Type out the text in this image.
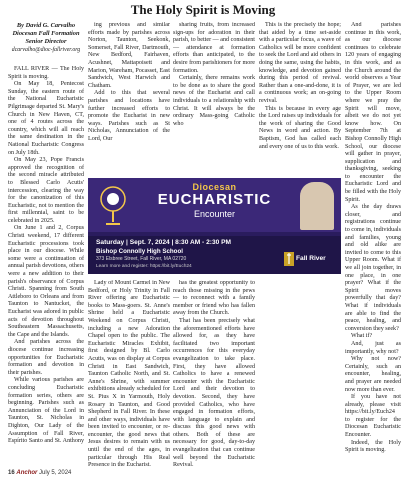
The Holy Spirit is Moving
By David G. Carvalho
Diocesan Fall Formation
Senior Director
dcarvalho@dioc-fallriver.org

FALL RIVER — The Holy Spirit is moving.

On May 18, Pentecost Sunday, the eastern route of the National Eucharistic Pilgrimage departed St. Mary's Church in New Haven, CT, one of 4 routes across the country, which will all reach the same destination in the National Eucharistic Congress on July 18th.

On May 23, Pope Francis approved the recognition of the second miracle attributed to Blessed Carlo Acutis' intercession, clearing the way for the canonization of this Eucharistic, not to mention the first millennial, saint to be celebrated in 2025.

On June 1 and 2, Corpus Christi weekend, 17 different Eucharistic processions took place in our diocese. While some were a continuation of annual parish devotions, others were a new addition to their parish's observance of Corpus Christi. Spanning from South Attleboro to Orleans and from Taunton to Nantucket, the Eucharist was adored in public acts of devotion throughout Southeastern Massachusetts, the Cape and the Islands.

And parishes across the diocese continue increasing opportunities for Eucharistic formation and devotion in their parishes.

While various parishes are concluding Eucharistic formation series, others are beginning. Parishes such as Annunciation of the Lord in Taunton, St. Nicholas in Dighton, Our Lady of the Assumption of Fall River, Espírito Santo and St. Anthony

ing previous and similar efforts made by parishes across Norton, Taunton, Seekonk, Somerset, Fall River, Dartmouth, New Bedford, Fairhaven, Acushnet, Mattapoisett and Marion, Wareham, Pocasset, East Sandwich, West Harwich and Chatham.

Add to this that several parishes and locations have further increased efforts to promote the Eucharist in new ways. Parishes such as St Nicholas, Annunciation of the Lord, Our

sharing fruits, from increased sign-ups for adoration in their parish, to better — and consistent — attendance at formation efforts than anticipated, to the desire from parishioners for more formation.

Certainly, there remains work to be done as to share the good news of the Eucharist and call individuals to a relationship with Christ. It will always be the ordinary Mass-going Catholic who

This is the precisely the hope; that aided by a time set-aside with a particular focus, a wave of Catholics will be more confident to seek the Lord and aid others in doing the same, using the habits, knowledge, and devotion gained during this period of revival. Rather than a one-and-done, it is a continuous work; an on-going revival.

This is because in every age the Lord raises up individuals for the work of sharing the Good News in word and action. By Baptism, God has called each and every one of us to this work.

And parishes continue in this work, as our diocese continues to celebrate 120 years of engaging in this work, and as the Church around the world observes a Year of Prayer, we are led to the Upper Room where we pray the Spirit will move, albeit we do not yet know how. On September 7th at Bishop Connolly High School, our diocese will gather in prayer, supplication and thanksgiving, seeking to encounter the Eucharistic Lord and be filled with the Holy Spirit.

As the day draws closer, and registrations continue to come in, individuals and families, young and old alike are invited to come to this Upper Room. What if we all join together, in one place, in one prayer? What if the Spirit moves powerfully that day? What if individuals are able to find the peace, healing, and conversion they seek?

What if?

And, just as importantly, why not?

Why not now? Certainly, such an encounter, healing, and prayer are needed now more than ever.

If you have not already, please visit https://bit.ly/Euch24 to register for the Diocesan Eucharistic Encounter.

Indeed, the Holy Spirit is moving.

Diocesan
EUCHARISTIC
Encounter
Saturday | Sept. 7, 2024 | 8:30 AM - 2:30 PM
Bishop Connolly High School
373 Elsbree Street, Fall River, MA 02720
Learn more and register: https://bit.ly/Euch24
Fall River

Lady of Mount Carmel in New Bedford, or Holy Trinity in Fall River offering are Eucharistic books to Mass-goers. St. Anne's Shrine held a Eucharistic Weekend on Corpus Christi, including a new Adoration Chapel open to the public. The Eucharistic Miracles Exhibit, first designed by Bl. Carlo Acutis, was on display at Corpus Christi in East Sandwich, Taunton Catholic North, and St. Anne's Shrine, with summer exhibitions already scheduled for St. Pius X in Yarmouth, Holy Rosary in Taunton, and Good Shepherd in Fall River. In these and other ways, individuals have been invited to encounter, or re-encounter, the good news that Jesus desires to remain with us until the end of the ages, in particular through His Real Presence in the Eucharist.

has the greatest opportunity to reach those missing in the pews — to reconnect with a family member or friend who has fallen away from the Church.

That has been precisely what the aforementioned efforts have allowed for, as they have facilitated two important occurrences for this everyday evangelization to take place. First, they have allowed Catholics to have a renewed encounter with the Eucharistic Lord and their devotion to devotion. Second, they have provided Catholics, who have engaged in formation efforts, with language to explain and discuss this good news with others. Both of these are necessary for good, day-to-day evangelization that can continue well beyond the Eucharistic Revival.

16 Anchor July 5, 2024
